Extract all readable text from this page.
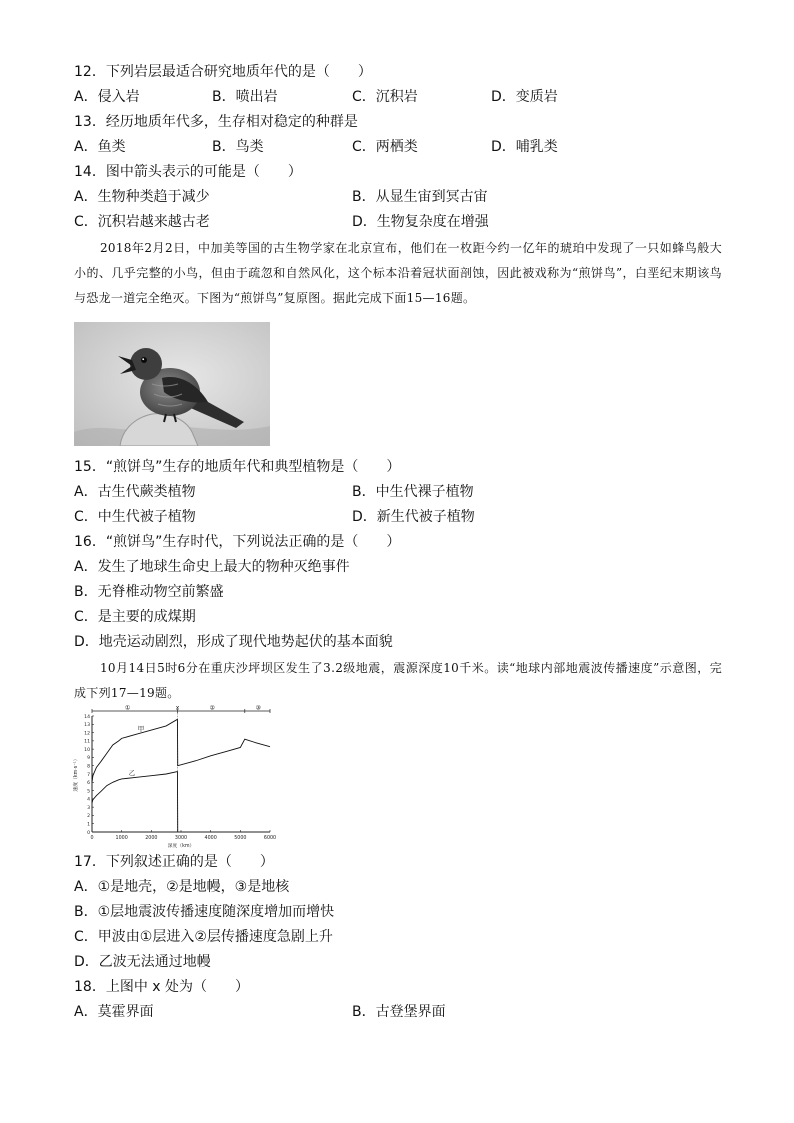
12．下列岩层最适合研究地质年代的是（　　）
A．侵入岩	B．喷出岩	C．沉积岩	D．变质岩
13．经历地质年代多，生存相对稳定的种群是
A．鱼类	B．鸟类	C．两栖类	D．哺乳类
14．图中箭头表示的可能是（　　）
A．生物种类趋于减少	B．从显生宙到冥古宙
C．沉积岩越来越古老	D．生物复杂度在增强
2018年2月2日，中加美等国的古生物学家在北京宣布，他们在一枚距今约一亿年的琥珀中发现了一只如蜂鸟般大小的、几乎完整的小鸟，但由于疏忽和自然风化，这个标本沿着冠状面剖蚀，因此被戏称为“煎饼鸟”，白垩纪末期该鸟与恐龙一道完全绝灭。下图为“煎饼鸟”复原图。据此完成下面15—16题。
15．“煎饼鸟”生存的地质年代和典型植物是（　　）
A．古生代蕨类植物	B．中生代裸子植物
C．中生代被子植物	D．新生代被子植物
16．“煎饼鸟”生存时代，下列说法正确的是（　　）
A．发生了地球生命史上最大的物种灭绝事件
B．无脊椎动物空前繁盛
C．是主要的成煤期
D．地壳运动剧烈，形成了现代地势起伏的基本面貌
10月14日5时6分在重庆沙坪坝区发生了3.2级地震，震源深度10千米。读“地球内部地震波传播速度”示意图，完成下列17—19题。
0
1
2
3
4
5
6
7
8
9
10
11
12
13
14
0	1000	2000	3000	4000	5000	6000
①	x	②	③
深度（km）
速度（km·s⁻¹）
甲
乙
17．下列叙述正确的是（　　）
A．①是地壳，②是地幔，③是地核
B．①层地震波传播速度随深度增加而增快
C．甲波由①层进入②层传播速度急剧上升
D．乙波无法通过地幔
18．上图中 x 处为（　　）
A．莫霍界面	B．古登堡界面
